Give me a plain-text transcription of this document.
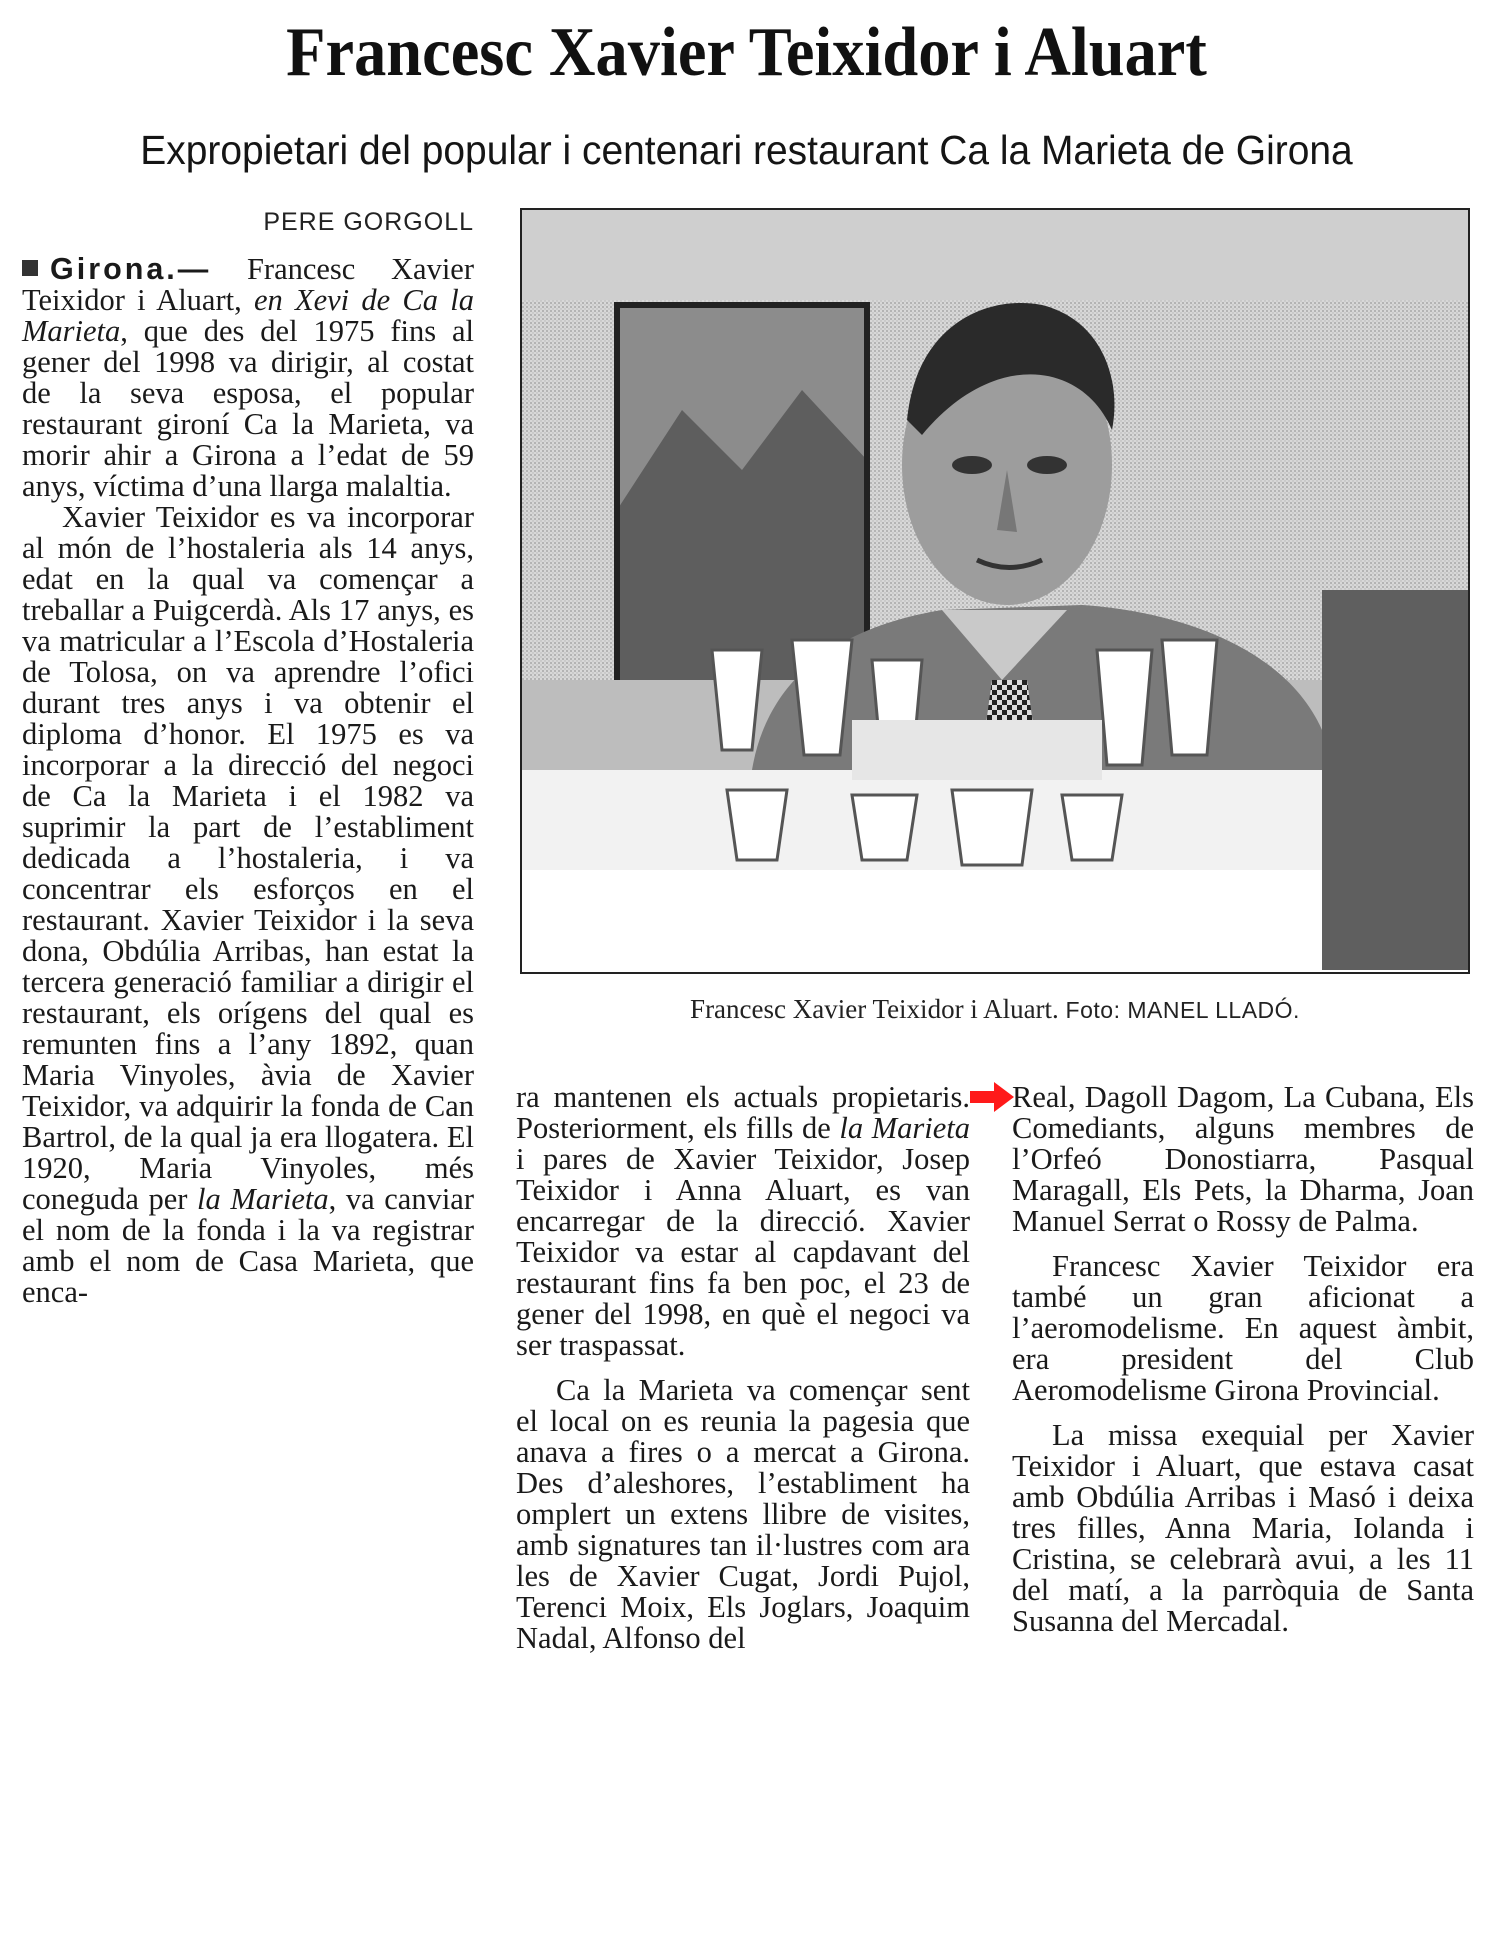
Francesc Xavier Teixidor i Aluart
Expropietari del popular i centenari restaurant Ca la Marieta de Girona
PERE GORGOLL

Girona.— Francesc Xavier Teixidor i Aluart, en Xevi de Ca la Marieta, que des del 1975 fins al gener del 1998 va dirigir, al costat de la seva esposa, el popular restaurant gironí Ca la Marieta, va morir ahir a Girona a l’edat de 59 anys, víctima d’una llarga malaltia.

Xavier Teixidor es va incorporar al món de l’hostaleria als 14 anys, edat en la qual va començar a treballar a Puigcerdà. Als 17 anys, es va matricular a l’Escola d’Hostaleria de Tolosa, on va aprendre l’ofici durant tres anys i va obtenir el diploma d’honor. El 1975 es va incorporar a la direcció del negoci de Ca la Marieta i el 1982 va suprimir la part de l’establiment dedicada a l’hostaleria, i va concentrar els esforços en el restaurant. Xavier Teixidor i la seva dona, Obdúlia Arribas, han estat la tercera generació familiar a dirigir el restaurant, els orígens del qual es remunten fins a l’any 1892, quan Maria Vinyoles, àvia de Xavier Teixidor, va adquirir la fonda de Can Bartrol, de la qual ja era llogatera. El 1920, Maria Vinyoles, més coneguda per la Marieta, va canviar el nom de la fonda i la va registrar amb el nom de Casa Marieta, que enca-

Francesc Xavier Teixidor i Aluart. Foto: MANEL LLADÓ.

ra mantenen els actuals propietaris. Posteriorment, els fills de la Marieta i pares de Xavier Teixidor, Josep Teixidor i Anna Aluart, es van encarregar de la direcció. Xavier Teixidor va estar al capdavant del restaurant fins fa ben poc, el 23 de gener del 1998, en què el negoci va ser traspassat.

Ca la Marieta va començar sent el local on es reunia la pagesia que anava a fires o a mercat a Girona. Des d’aleshores, l’establiment ha omplert un extens llibre de visites, amb signatures tan il·lustres com ara les de Xavier Cugat, Jordi Pujol, Terenci Moix, Els Joglars, Joaquim Nadal, Alfonso del

Real, Dagoll Dagom, La Cubana, Els Comediants, alguns membres de l’Orfeó Donostiarra, Pasqual Maragall, Els Pets, la Dharma, Joan Manuel Serrat o Rossy de Palma.

Francesc Xavier Teixidor era també un gran aficionat a l’aeromodelisme. En aquest àmbit, era president del Club Aeromodelisme Girona Provincial.

La missa exequial per Xavier Teixidor i Aluart, que estava casat amb Obdúlia Arribas i Masó i deixa tres filles, Anna Maria, Iolanda i Cristina, se celebrarà avui, a les 11 del matí, a la parròquia de Santa Susanna del Mercadal.
